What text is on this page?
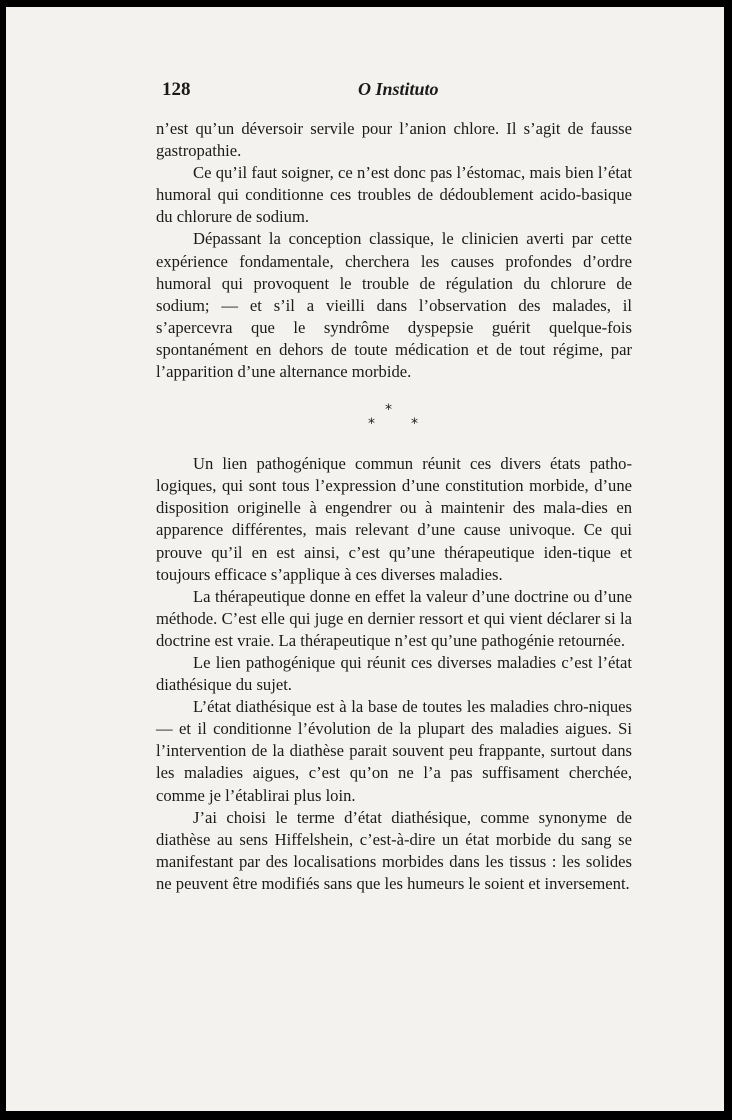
128	O Instituto

n’est qu’un déversoir servile pour l’anion chlore. Il s’agit de fausse gastropathie.

Ce qu’il faut soigner, ce n’est donc pas l’éstomac, mais bien l’état humoral qui conditionne ces troubles de dédoublement acido-basique du chlorure de sodium.

Dépassant la conception classique, le clinicien averti par cette expérience fondamentale, cherchera les causes profondes d’ordre humoral qui provoquent le trouble de régulation du chlorure de sodium; — et s’il a vieilli dans l’observation des malades, il s’apercevra que le syndrôme dyspepsie guérit quelque-fois spontanément en dehors de toute médication et de tout régime, par l’apparition d’une alternance morbide.

*
*	*

Un lien pathogénique commun réunit ces divers états patho-logiques, qui sont tous l’expression d’une constitution morbide, d’une disposition originelle à engendrer ou à maintenir des mala-dies en apparence différentes, mais relevant d’une cause univoque. Ce qui prouve qu’il en est ainsi, c’est qu’une thérapeutique iden-tique et toujours efficace s’applique à ces diverses maladies.

La thérapeutique donne en effet la valeur d’une doctrine ou d’une méthode. C’est elle qui juge en dernier ressort et qui vient déclarer si la doctrine est vraie. La thérapeutique n’est qu’une pathogénie retournée.

Le lien pathogénique qui réunit ces diverses maladies c’est l’état diathésique du sujet.

L’état diathésique est à la base de toutes les maladies chro-niques — et il conditionne l’évolution de la plupart des maladies aigues. Si l’intervention de la diathèse parait souvent peu frappante, surtout dans les maladies aigues, c’est qu’on ne l’a pas suffisament cherchée, comme je l’établirai plus loin.

J’ai choisi le terme d’état diathésique, comme synonyme de diathèse au sens Hiffelshein, c’est-à-dire un état morbide du sang se manifestant par des localisations morbides dans les tissus : les solides ne peuvent être modifiés sans que les humeurs le soient et inversement.
